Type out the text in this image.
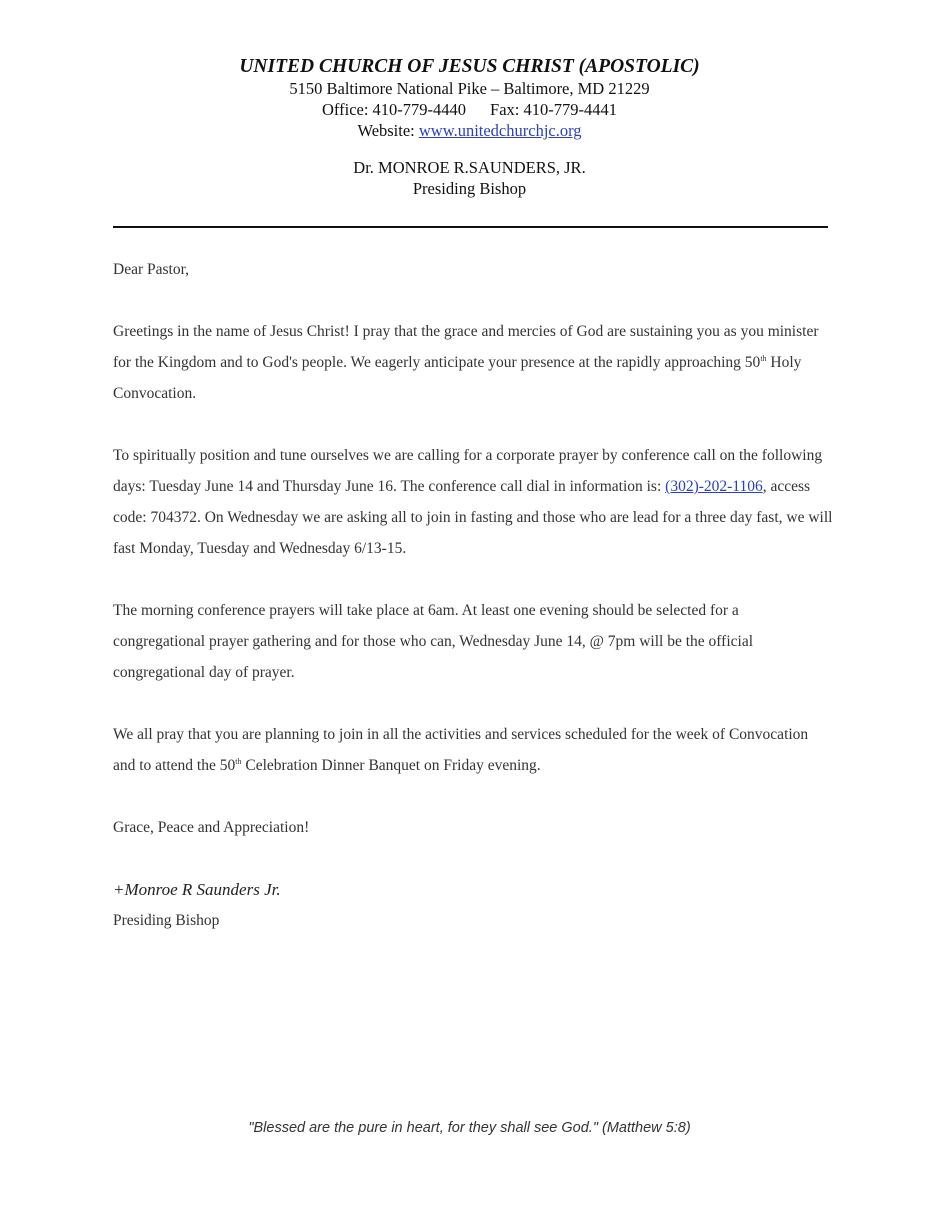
UNITED CHURCH OF JESUS CHRIST (APOSTOLIC)
5150 Baltimore National Pike – Baltimore, MD 21229
Office: 410-779-4440 Fax: 410-779-4441
Website: www.unitedchurchjc.org
Dr. MONROE R.SAUNDERS, JR.
Presiding Bishop

Dear Pastor,

Greetings in the name of Jesus Christ! I pray that the grace and mercies of God are sustaining you as you minister for the Kingdom and to God's people. We eagerly anticipate your presence at the rapidly approaching 50th Holy Convocation.

To spiritually position and tune ourselves we are calling for a corporate prayer by conference call on the following days: Tuesday June 14 and Thursday June 16. The conference call dial in information is: (302)-202-1106, access code: 704372. On Wednesday we are asking all to join in fasting and those who are lead for a three day fast, we will fast Monday, Tuesday and Wednesday 6/13-15.

The morning conference prayers will take place at 6am. At least one evening should be selected for a congregational prayer gathering and for those who can, Wednesday June 14, @ 7pm will be the official congregational day of prayer.

We all pray that you are planning to join in all the activities and services scheduled for the week of Convocation and to attend the 50th Celebration Dinner Banquet on Friday evening.

Grace, Peace and Appreciation!

+Monroe R Saunders Jr.
Presiding Bishop
"Blessed are the pure in heart, for they shall see God." (Matthew 5:8)
